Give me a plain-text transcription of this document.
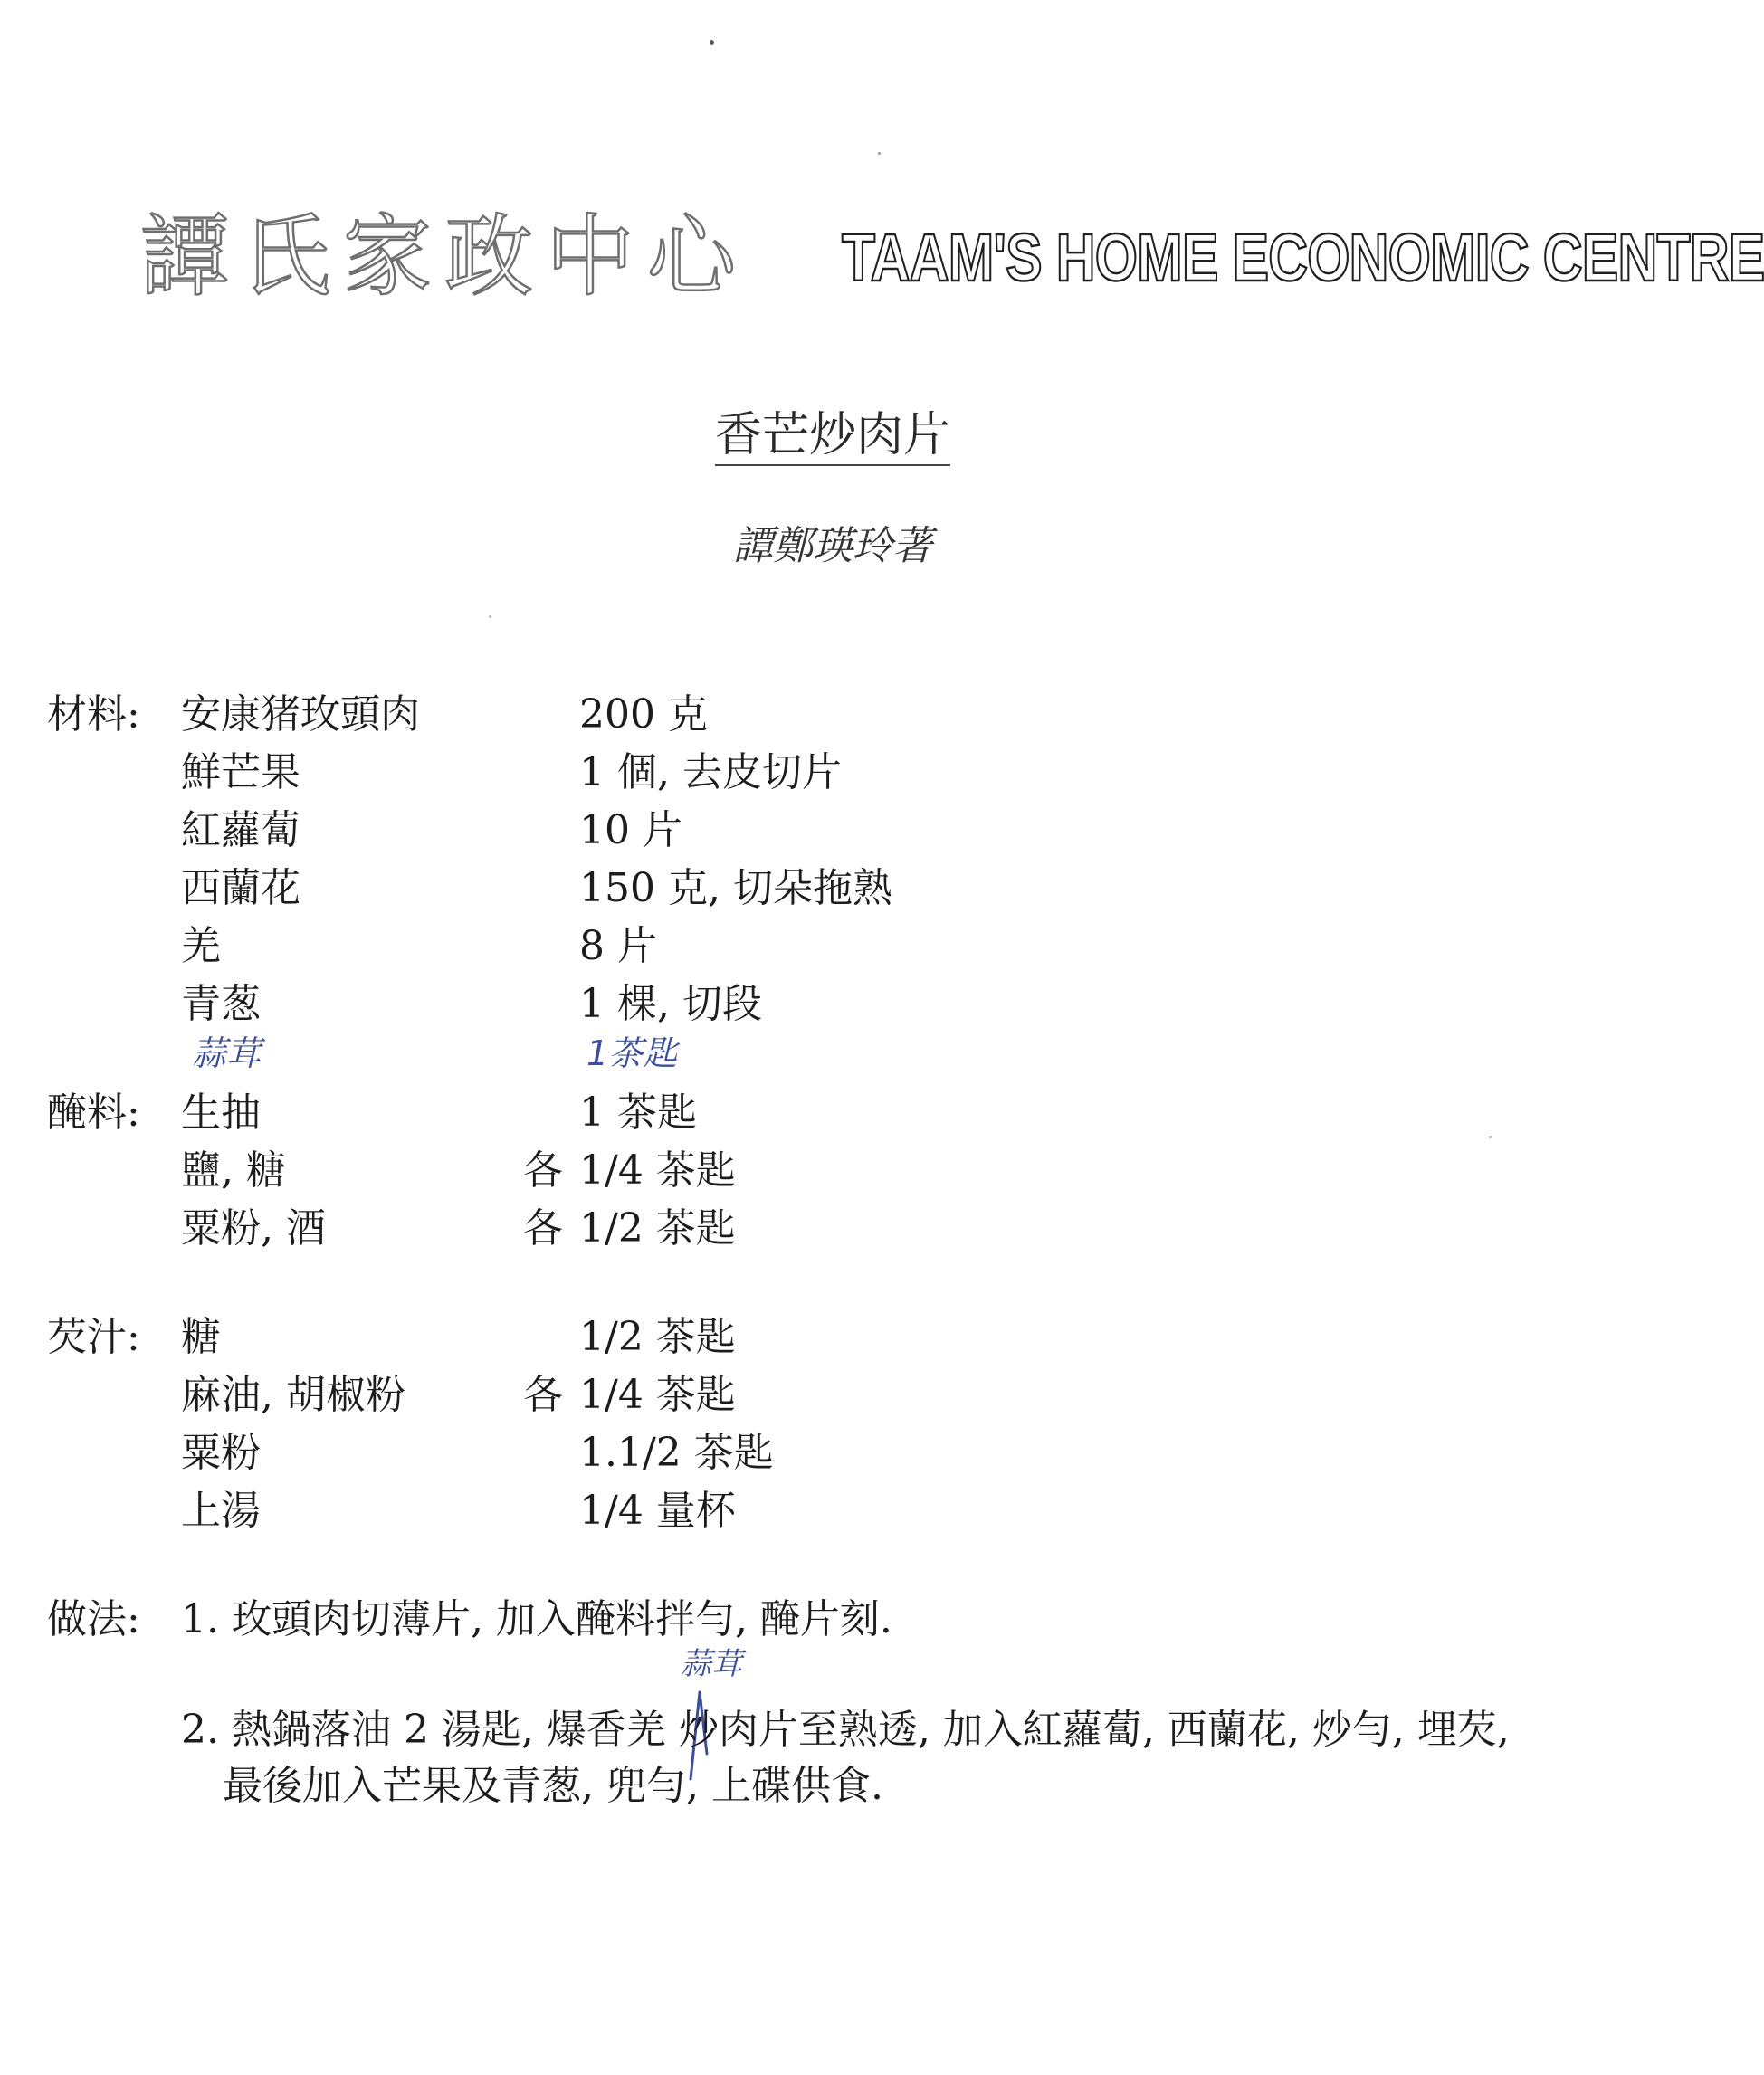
譚氏家政中心 TAAM'S HOME ECONOMIC CENTRE
香芒炒肉片
譚鄭瑛玲著
材料: 安康猪玫頭肉	200 克
鮮芒果	1 個, 去皮切片
紅蘿蔔	10 片
西蘭花	150 克, 切朵拖熟
羌	8 片
青葱	1 棵, 切段
蒜茸	1茶匙
醃料: 生抽	1 茶匙
鹽, 糖	各 1/4 茶匙
粟粉, 酒	各 1/2 茶匙
芡汁: 糖	1/2 茶匙
麻油, 胡椒粉	各 1/4 茶匙
粟粉	1.1/2 茶匙
上湯	1/4 量杯
做法: 1. 玫頭肉切薄片, 加入醃料拌勻, 醃片刻.
蒜茸
2. 熱鍋落油 2 湯匙, 爆香羌 炒肉片至熟透, 加入紅蘿蔔, 西蘭花, 炒勻, 埋芡,
最後加入芒果及青葱, 兜勻, 上碟供食.
